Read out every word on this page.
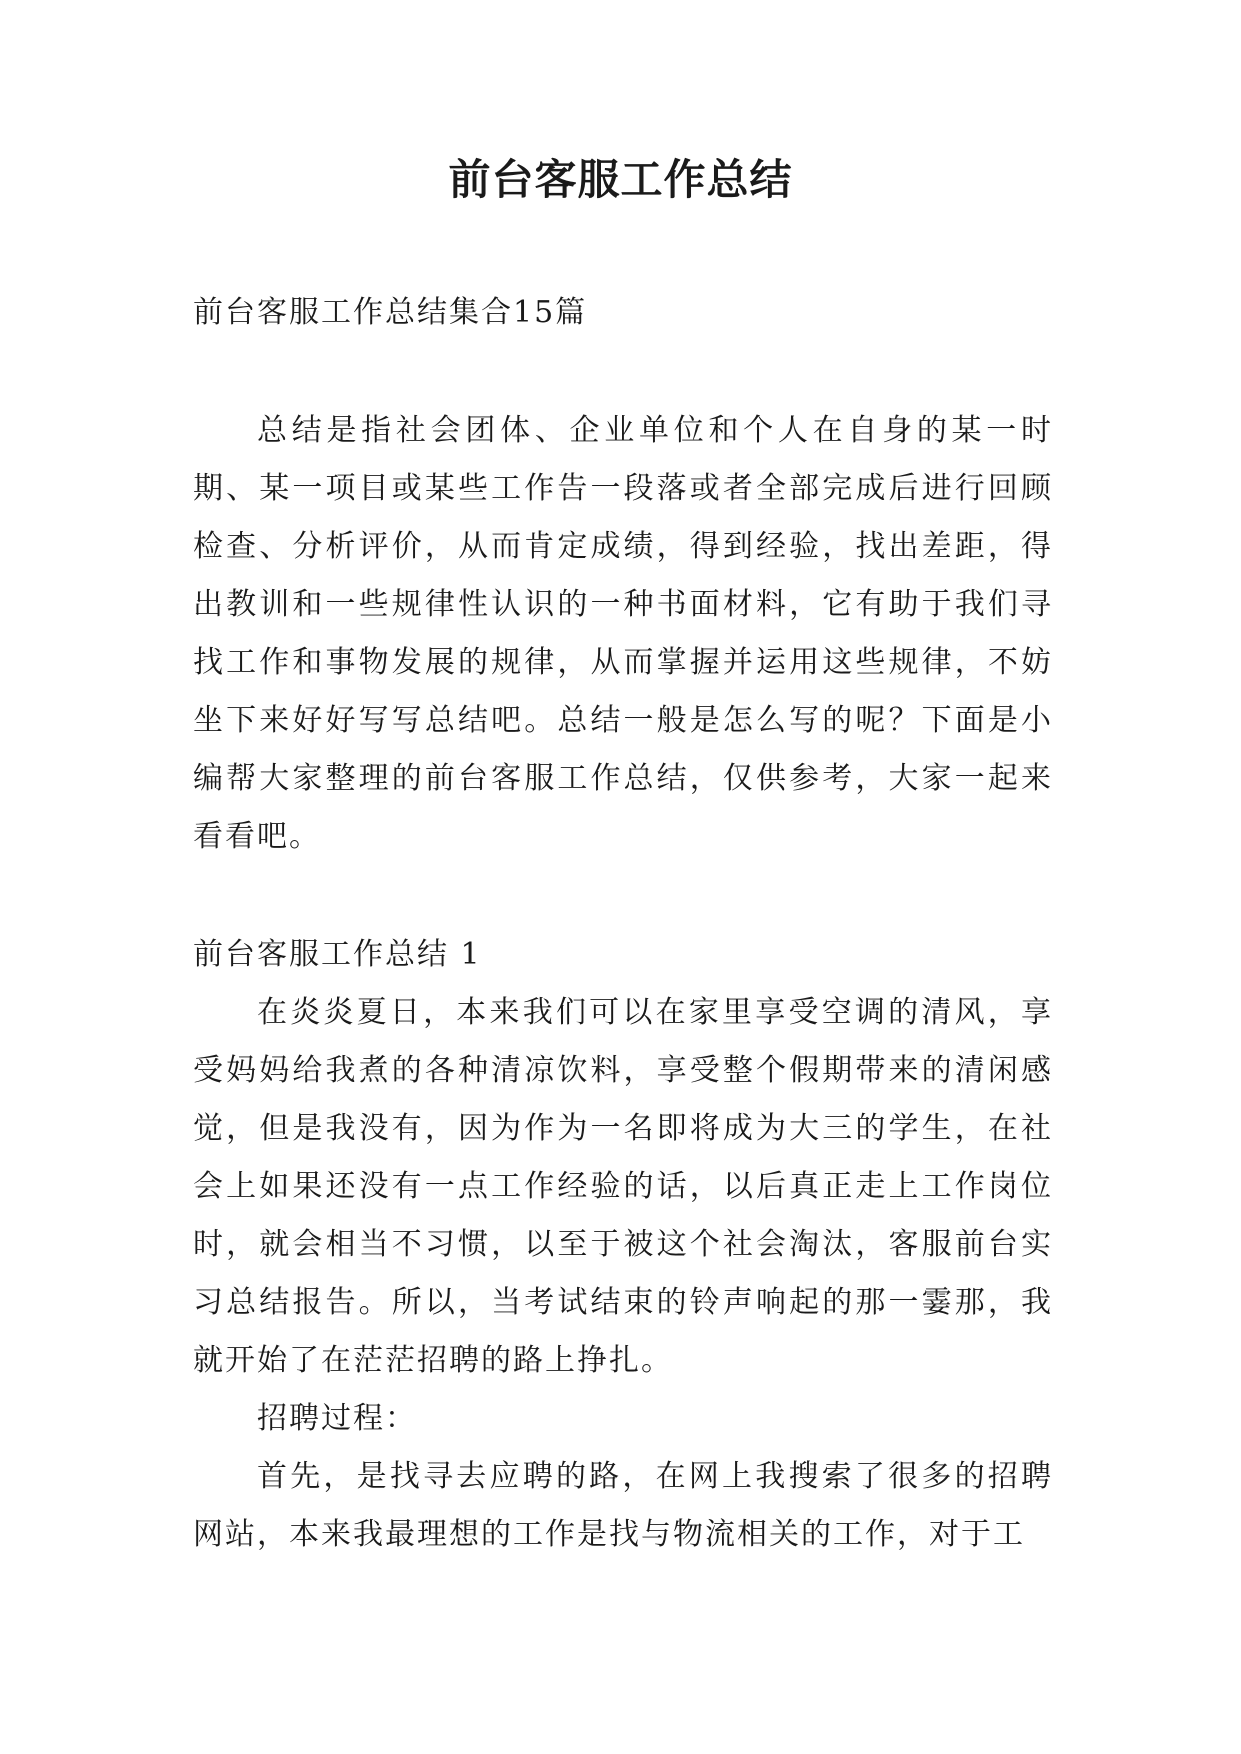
前台客服工作总结

前台客服工作总结集合15篇

总结是指社会团体、企业单位和个人在自身的某一时期、某一项目或某些工作告一段落或者全部完成后进行回顾检查、分析评价，从而肯定成绩，得到经验，找出差距，得出教训和一些规律性认识的一种书面材料，它有助于我们寻找工作和事物发展的规律，从而掌握并运用这些规律，不妨坐下来好好写写总结吧。总结一般是怎么写的呢？下面是小编帮大家整理的前台客服工作总结，仅供参考，大家一起来看看吧。

前台客服工作总结 1

在炎炎夏日，本来我们可以在家里享受空调的清风，享受妈妈给我煮的各种清凉饮料，享受整个假期带来的清闲感觉，但是我没有，因为作为一名即将成为大三的学生，在社会上如果还没有一点工作经验的话，以后真正走上工作岗位时，就会相当不习惯，以至于被这个社会淘汰，客服前台实习总结报告。所以，当考试结束的铃声响起的那一霎那，我就开始了在茫茫招聘的路上挣扎。

招聘过程：

首先，是找寻去应聘的路，在网上我搜索了很多的招聘网站，本来我最理想的工作是找与物流相关的工作，对于工
